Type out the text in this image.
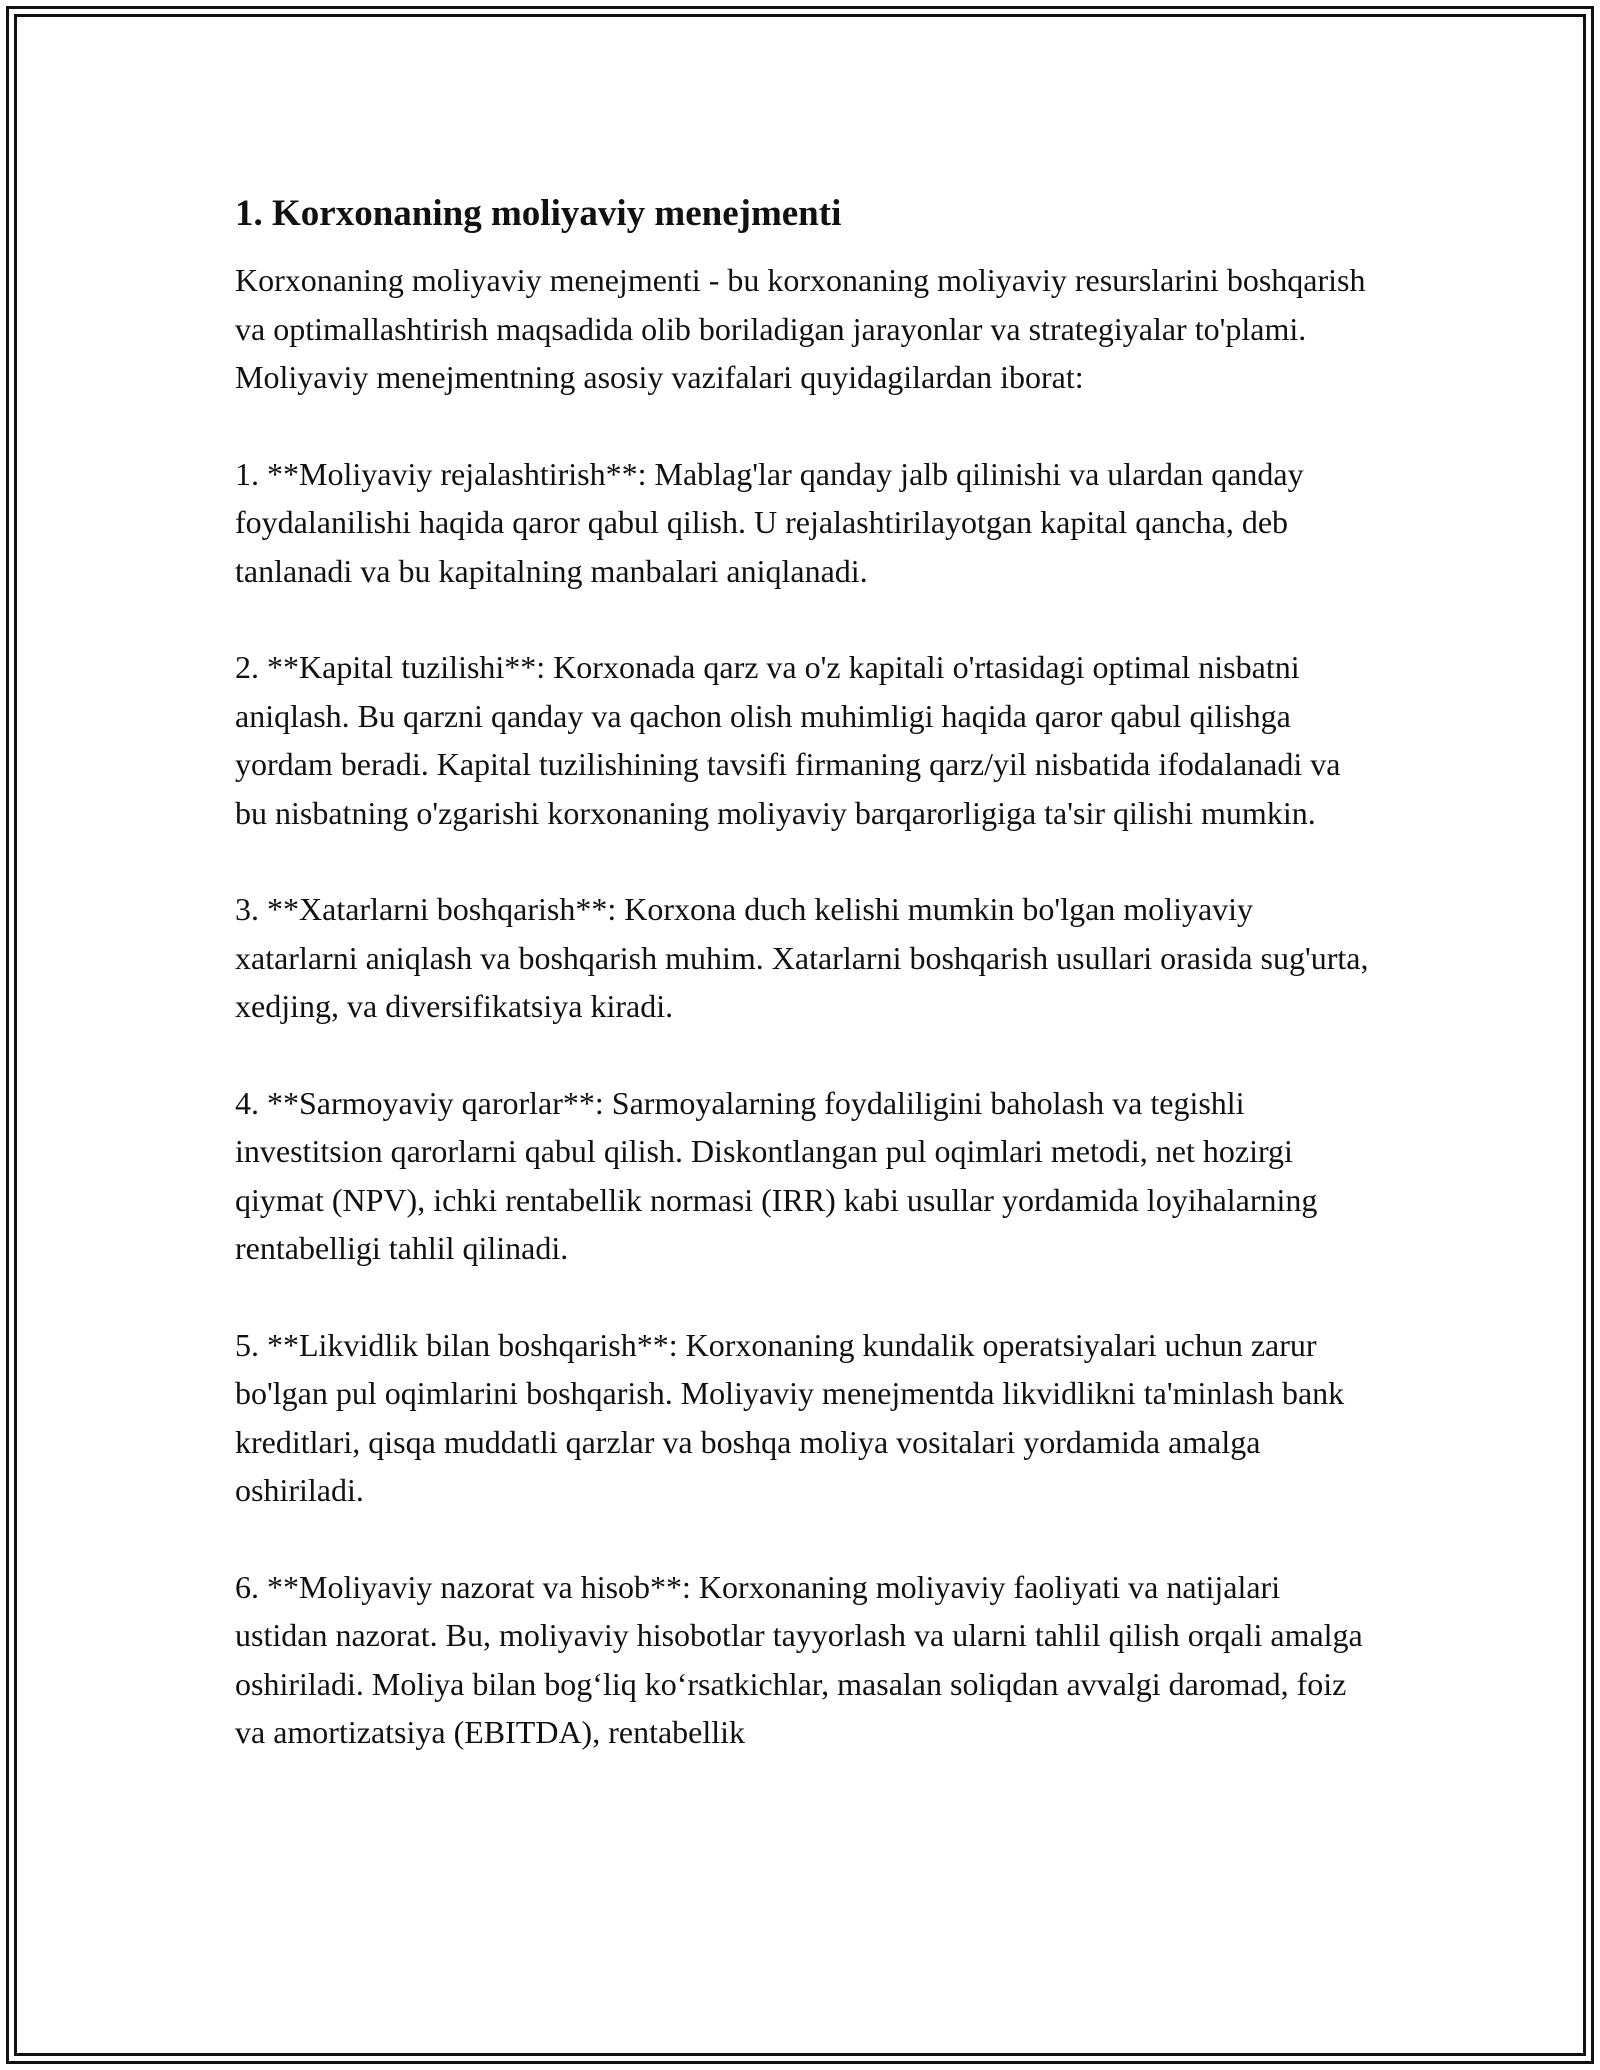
1. Korxonaning moliyaviy menejmenti

Korxonaning moliyaviy menejmenti - bu korxonaning moliyaviy resurslarini boshqarish va optimallashtirish maqsadida olib boriladigan jarayonlar va strategiyalar to'plami. Moliyaviy menejmentning asosiy vazifalari quyidagilardan iborat:

1. **Moliyaviy rejalashtirish**: Mablag'lar qanday jalb qilinishi va ulardan qanday foydalanilishi haqida qaror qabul qilish. U rejalashtirilayotgan kapital qancha, deb tanlanadi va bu kapitalning manbalari aniqlanadi.

2. **Kapital tuzilishi**: Korxonada qarz va o'z kapitali o'rtasidagi optimal nisbatni aniqlash. Bu qarzni qanday va qachon olish muhimligi haqida qaror qabul qilishga yordam beradi. Kapital tuzilishining tavsifi firmaning qarz/yil nisbatida ifodalanadi va bu nisbatning o'zgarishi korxonaning moliyaviy barqarorligiga ta'sir qilishi mumkin.

3. **Xatarlarni boshqarish**: Korxona duch kelishi mumkin bo'lgan moliyaviy xatarlarni aniqlash va boshqarish muhim. Xatarlarni boshqarish usullari orasida sug'urta, xedjing, va diversifikatsiya kiradi.

4. **Sarmoyaviy qarorlar**: Sarmoyalarning foydaliligini baholash va tegishli investitsion qarorlarni qabul qilish. Diskontlangan pul oqimlari metodi, net hozirgi qiymat (NPV), ichki rentabellik normasi (IRR) kabi usullar yordamida loyihalarning rentabelligi tahlil qilinadi.

5. **Likvidlik bilan boshqarish**: Korxonaning kundalik operatsiyalari uchun zarur bo'lgan pul oqimlarini boshqarish. Moliyaviy menejmentda likvidlikni ta'minlash bank kreditlari, qisqa muddatli qarzlar va boshqa moliya vositalari yordamida amalga oshiriladi.

6. **Moliyaviy nazorat va hisob**: Korxonaning moliyaviy faoliyati va natijalari ustidan nazorat. Bu, moliyaviy hisobotlar tayyorlash va ularni tahlil qilish orqali amalga oshiriladi. Moliya bilan bog‘liq ko‘rsatkichlar, masalan soliqdan avvalgi daromad, foiz va amortizatsiya (EBITDA), rentabellik
